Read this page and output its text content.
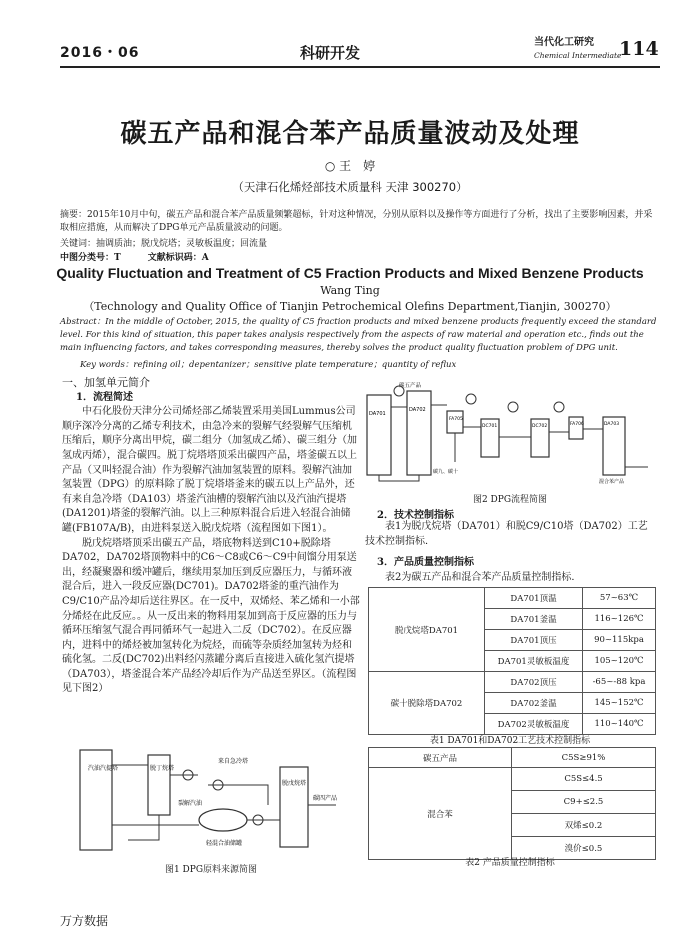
2016・06	科研开发
当代化工研究
Chemical Intermediate
114
碳五产品和混合苯产品质量波动及处理
○ 王　婷
（天津石化烯烃部技术质量科 天津 300270）
摘要：2015年10月中旬，碳五产品和混合苯产品质量频繁超标，针对这种情况，分别从原料以及操作等方面进行了分析，找出了主要影响因素，并采取相应措施，从而解决了DPG单元产品质量波动的问题。
关键词：抽调质油；脱戊烷塔；灵敏板温度；回流量
中图分类号：T　　　文献标识码：A
Quality Fluctuation and Treatment of C5 Fraction Products and Mixed Benzene Products
Wang Ting
（Technology and Quality Office of Tianjin Petrochemical Olefins Department,Tianjin, 300270）
Abstract：In the middle of October, 2015, the quality of C5 fraction products and mixed benzene products frequently exceed the standard level. For this kind of situation, this paper takes analysis respectively from the aspects of raw material and operation etc., finds out the main influencing factors, and takes corresponding measures, thereby solves the product quality fluctuation problem of DPG unit.
Key words：refining oil；depentanizer；sensitive plate temperature；quantity of reflux

一、加氢单元简介

1．流程简述

中石化股份天津分公司烯烃部乙烯装置采用美国Lummus公司顺序深冷分离的乙烯专利技术，由急冷来的裂解气经裂解气压缩机压缩后，顺序分离出甲烷，碳二组分（加氢成乙烯）、碳三组分（加氢成丙烯），混合碳四。脱丁烷塔塔顶采出碳四产品，塔釜碳五以上产品（又叫轻混合油）作为裂解汽油加氢装置的原料。裂解汽油加氢装置（DPG）的原料除了脱丁烷塔塔釜来的碳五以上产品外，还有来自急冷塔（DA103）塔釜汽油槽的裂解汽油以及汽油汽提塔(DA1201)塔釜的裂解汽油。以上三种原料混合后进入轻混合油储罐(FB107A/B)，由进料泵送入脱戊烷塔（流程图如下图1）。

脱戊烷塔塔顶采出碳五产品，塔底物料送到C10+脱除塔DA702，DA702塔顶物料中的C6～C8或C6～C9中间馏分用泵送出，经凝聚器和缓冲罐后，继续用泵加压到反应器压力，与循环液混合后，进入一段反应器(DC701)。DA702塔釜的重汽油作为C9/C10产品冷却后送往界区。在一反中，双烯烃、苯乙烯和一小部分烯烃在此反应。。从一反出来的物料用泵加到高于反应器的压力与循环压缩氢气混合再同循环气一起进入二反（DC702）。在反应器内，进料中的烯烃被加氢转化为烷烃，而硫等杂质经加氢转为烃和硫化氢。二反(DC702)出料经闪蒸罐分离后直接进入硫化氢汽提塔（DA703），塔釜混合苯产品经冷却后作为产品送至界区。（流程图见下图2）

汽油汽提塔	脱丁烷塔
脱戊烷塔
轻混合油储罐
来自急冷塔
裂解汽油
碳四产品
图1 DPG原料来源简图
碳五产品
DA701
DA702
FA705
DC701	DC702	FA706	DA703
碳九、碳十
混合苯产品
图2 DPG流程简图
2．技术控制指标
表1为脱戊烷塔（DA701）和脱C9/C10塔（DA702）工艺技术控制指标．
3．产品质量控制指标
表2为碳五产品和混合苯产品质量控制指标．
脱戊烷塔DA701	DA701顶温	57~63℃
	DA701釜温	116~126℃
	DA701顶压	90~115kpa
	DA701灵敏板温度	105~120℃
碳十脱除塔DA702	DA702顶压	-65~-88 kpa
	DA702釜温	145~152℃
	DA702灵敏板温度	110~140℃
表1 DA701和DA702工艺技术控制指标
碳五产品	C5S≥91%
混合苯	C5S≤4.5
	C9+≤2.5
	双烯≤0.2
	溴价≤0.5
表2 产品质量控制指标
万方数据
